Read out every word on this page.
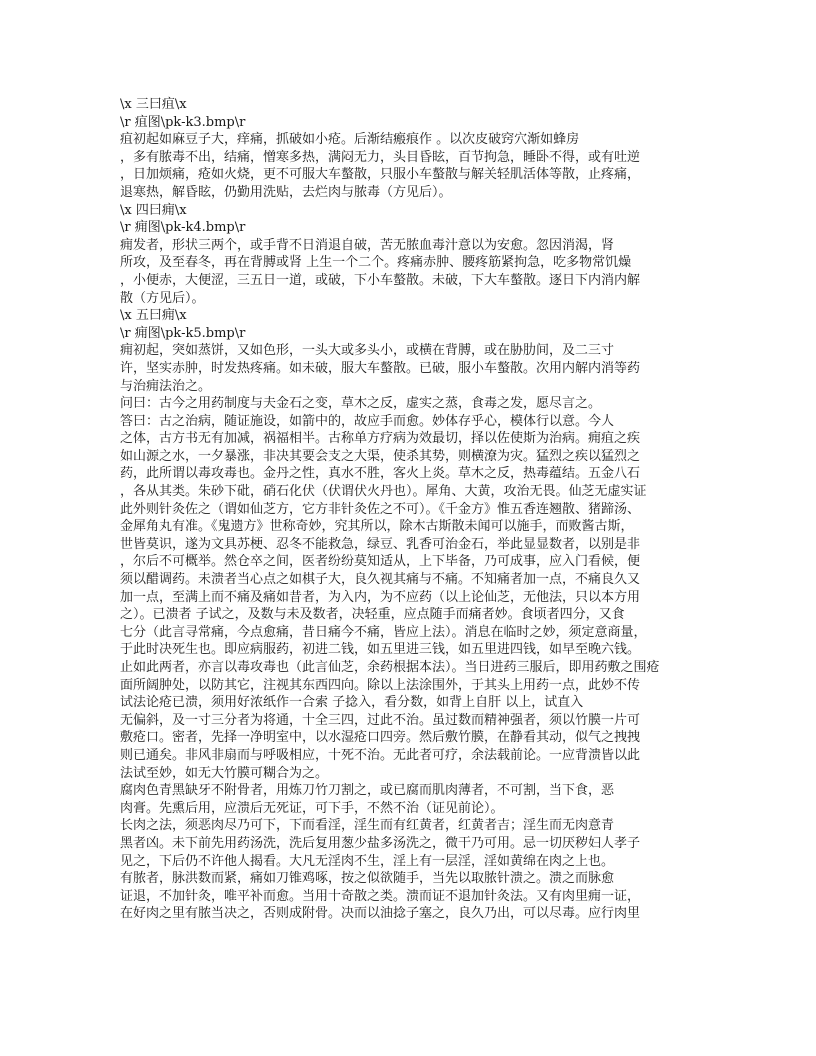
\x 三曰疽\x
\r 疽图\pk-k3.bmp\r
疽初起如麻豆子大，痒痛，抓破如小疮。后渐结瘢痕作 。以次皮破窍穴渐如蜂房
，多有脓毒不出，结痛，憎寒多热，满闷无力，头目昏眩，百节拘急，睡卧不得，或有吐逆
，日加烦痛，疮如火烧，更不可服大车螯散，只服小车螯散与解关轻肌活体等散，止疼痛，
退寒热，解昏眩，仍勤用洗贴，去烂肉与脓毒（方见后）。
\x 四曰痈\x
\r 痈图\pk-k4.bmp\r
痈发者，形状三两个，或手背不日消退自破，苦无脓血毒汁意以为安愈。忽因消渴，肾
所攻，及至春冬，再在背膊或肾 上生一个二个。疼痛赤肿、腰疼筋紧拘急，吃多物常饥燥
，小便赤，大便涩，三五日一道，或破，下小车螯散。未破，下大车螯散。逐日下内消内解
散（方见后）。
\x 五曰痈\x
\r 痈图\pk-k5.bmp\r
痈初起，突如蒸饼，又如色形，一头大或多头小，或横在背膊，或在胁肋间，及二三寸
许，坚实赤肿，时发热疼痛。如未破，服大车螯散。已破，服小车螯散。次用内解内消等药
与治痈法治之。
问曰：古今之用药制度与夫金石之变，草木之反，虚实之蒸，食毒之发，愿尽言之。
答曰：古之治病，随证施设，如箭中的，故应手而愈。妙体存乎心，模体行以意。今人
之体，古方书无有加减，祸福相半。古称单方疗病为效最切，择以佐使斯为治病。痈疽之疾
如山源之水，一夕暴涨，非决其要会支之大渠，使杀其势，则横潦为灾。猛烈之疾以猛烈之
药，此所谓以毒攻毒也。金丹之性，真水不胜，客火上炎。草木之反，热毒蕴结。五金八石
，各从其类。朱砂下砒，硝石化伏（伏谓伏火丹也）。犀角、大黄，攻治无畏。仙芝无虚实证
此外则针灸佐之（谓如仙芝方，它方非针灸佐之不可）。《千金方》惟五香连翘散、猪蹄汤、
金犀角丸有准。《鬼遗方》世称奇妙，究其所以，除木古斯散未闻可以施手，而败酱古斯，
世皆莫识，遂为文具苏梗、忍冬不能救急，绿豆、乳香可治金石，举此显显数者，以别是非
，尔后不可概举。然仓卒之间，医者纷纷莫知适从，上下毕备，乃可成事，应入门看候，便
须以醋调药。未溃者当心点之如棋子大，良久视其痛与不痛。不知痛者加一点，不痛良久又
加一点，至满上而不痛及痛如昔者，为入内，为不应药（以上论仙芝，无他法，只以本方用
之）。已溃者 子试之，及数与未及数者，决轻重，应点随手而痛者妙。食顷者四分，又食
七分（此言寻常痛，今点愈痛，昔日痛今不痛，皆应上法）。消息在临时之妙，须定意商量，
于此时决死生也。即应病服药，初进二钱，如五里进三钱，如五里进四钱，如早至晚六钱。
止如此两者，亦言以毒攻毒也（此言仙芝，余药根据本法）。当日进药三服后，即用药敷之围疮
面所阔肿处，以防其它，注视其东西四向。除以上法涂围外，于其头上用药一点，此妙不传
试法论疮已溃，须用好浓纸作一合索 子捻入，看分数，如背上自肝 以上，试直入
无偏斜，及一寸三分者为将通，十全三四，过此不治。虽过数而精神强者，须以竹膜一片可
敷疮口。密者，先择一净明室中，以水湿疮口四旁。然后敷竹膜，在静看其动，似气之拽拽
则已通矣。非风非扇而与呼吸相应，十死不治。无此者可疗，余法载前论。一应背溃皆以此
法试至妙，如无大竹膜可糊合为之。
腐肉色青黑缺牙不附骨者，用炼刀竹刀割之，或已腐而肌肉薄者，不可割，当下食，恶
肉膏。先熏后用，应溃后无死证，可下手，不然不治（证见前论）。
长肉之法，须恶肉尽乃可下，下而看淫，淫生而有红黄者，红黄者吉；淫生而无肉意青
黑者凶。未下前先用药汤洗，洗后复用葱少盐多汤洗之，微干乃可用。忌一切厌秽妇人孝子
见之，下后仍不许他人揭看。大凡无淫肉不生，淫上有一层淫，淫如黄绵在肉之上也。
有脓者，脉洪数而紧，痛如刀锥鸡啄，按之似欲随手，当先以取脓针溃之。溃之而脉愈
证退，不加针灸，唯平补而愈。当用十奇散之类。溃而证不退加针灸法。又有肉里痈一证，
在好肉之里有脓当决之，否则成附骨。决而以油捻子塞之，良久乃出，可以尽毒。应行肉里
